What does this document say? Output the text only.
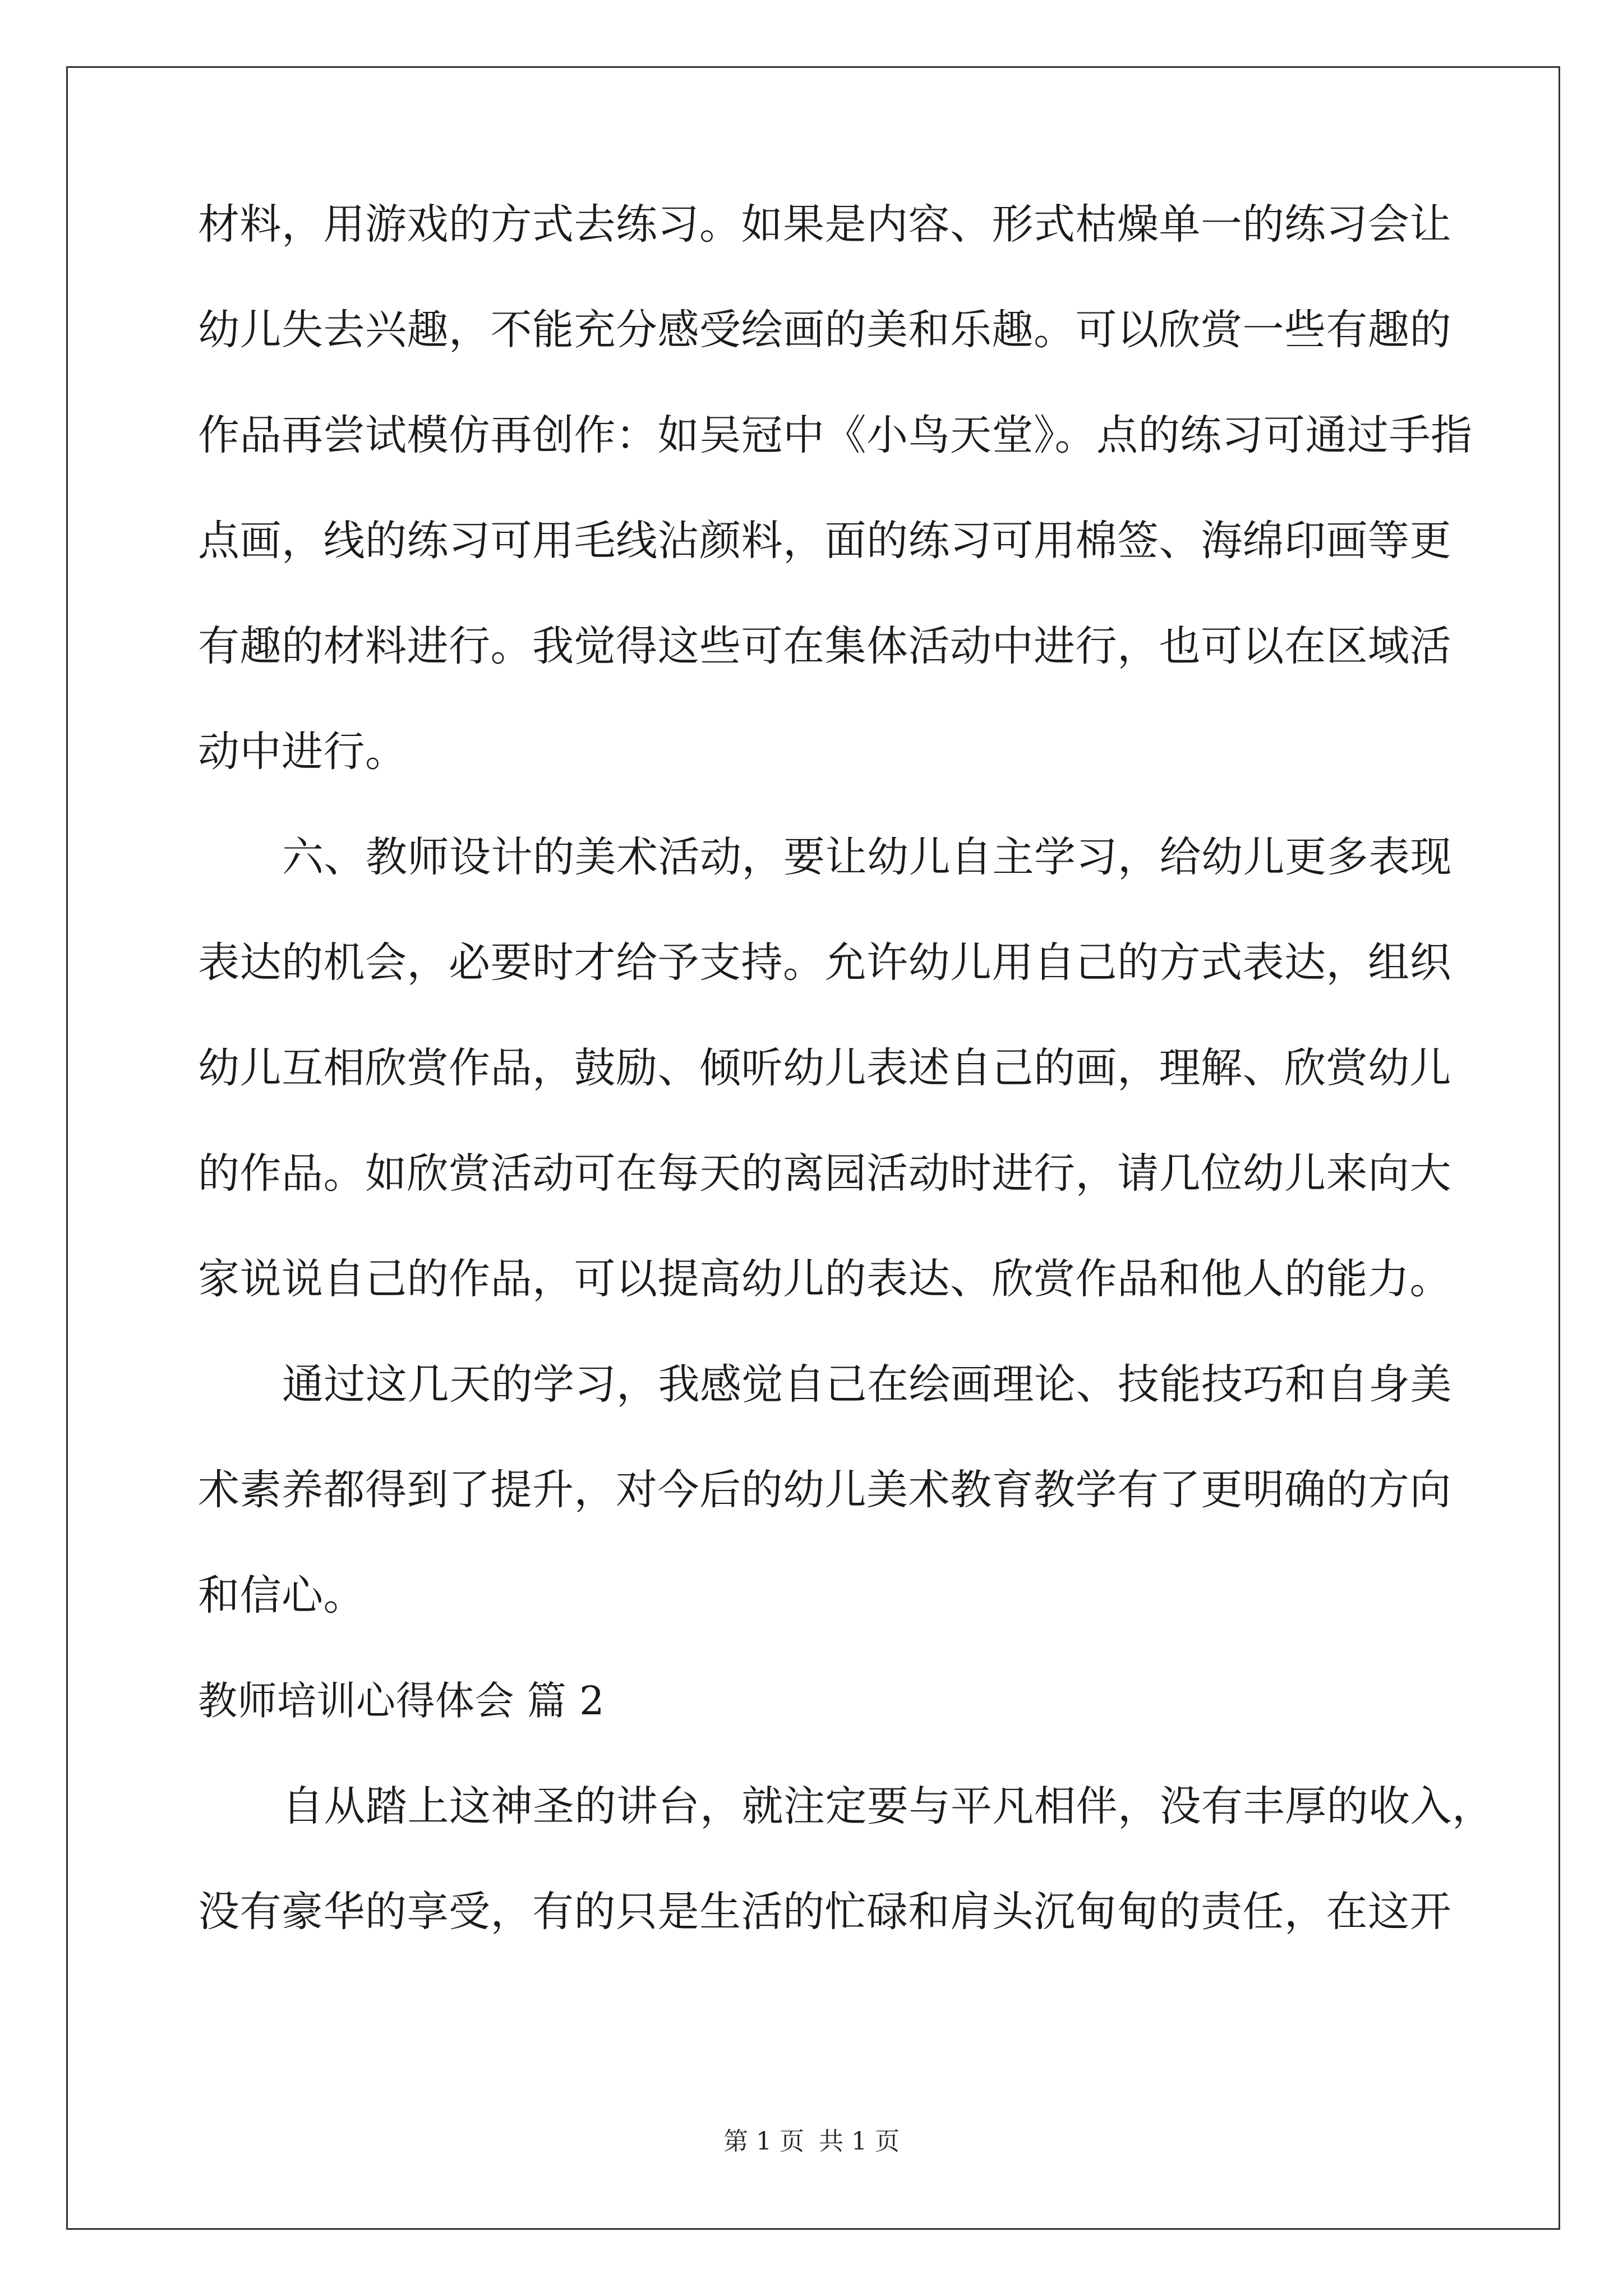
材料，用游戏的方式去练习。如果是内容、形式枯燥单一的练习会让
幼儿失去兴趣，不能充分感受绘画的美和乐趣。可以欣赏一些有趣的
作品再尝试模仿再创作：如吴冠中《小鸟天堂》。点的练习可通过手指
点画，线的练习可用毛线沾颜料，面的练习可用棉签、海绵印画等更
有趣的材料进行。我觉得这些可在集体活动中进行，也可以在区域活
动中进行。
六、教师设计的美术活动，要让幼儿自主学习，给幼儿更多表现
表达的机会，必要时才给予支持。允许幼儿用自己的方式表达，组织
幼儿互相欣赏作品，鼓励、倾听幼儿表述自己的画，理解、欣赏幼儿
的作品。如欣赏活动可在每天的离园活动时进行，请几位幼儿来向大
家说说自己的作品，可以提高幼儿的表达、欣赏作品和他人的能力。
通过这几天的学习，我感觉自己在绘画理论、技能技巧和自身美
术素养都得到了提升，对今后的幼儿美术教育教学有了更明确的方向
和信心。
教师培训心得体会 篇 2
自从踏上这神圣的讲台，就注定要与平凡相伴，没有丰厚的收入，
没有豪华的享受，有的只是生活的忙碌和肩头沉甸甸的责任，在这开
第 1 页 共 1 页
